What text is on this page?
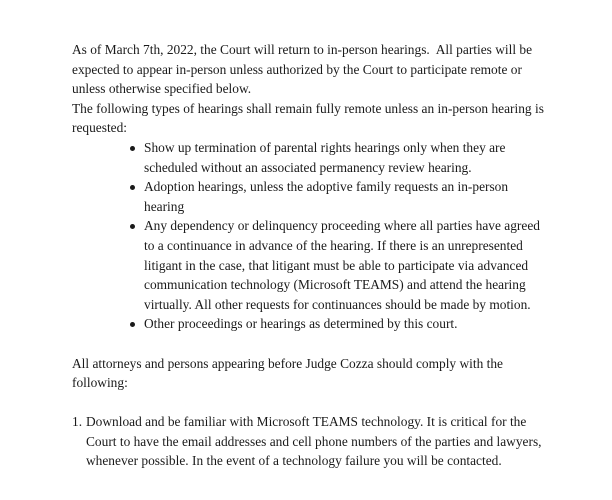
As of March 7th, 2022, the Court will return to in-person hearings.  All parties will be expected to appear in-person unless authorized by the Court to participate remote or unless otherwise specified below.

The following types of hearings shall remain fully remote unless an in-person hearing is requested:

Show up termination of parental rights hearings only when they are scheduled without an associated permanency review hearing.
Adoption hearings, unless the adoptive family requests an in-person hearing
Any dependency or delinquency proceeding where all parties have agreed to a continuance in advance of the hearing. If there is an unrepresented litigant in the case, that litigant must be able to participate via advanced communication technology (Microsoft TEAMS) and attend the hearing virtually. All other requests for continuances should be made by motion.
Other proceedings or hearings as determined by this court.

All attorneys and persons appearing before Judge Cozza should comply with the following:

1. Download and be familiar with Microsoft TEAMS technology. It is critical for the Court to have the email addresses and cell phone numbers of the parties and lawyers, whenever possible. In the event of a technology failure you will be contacted.
